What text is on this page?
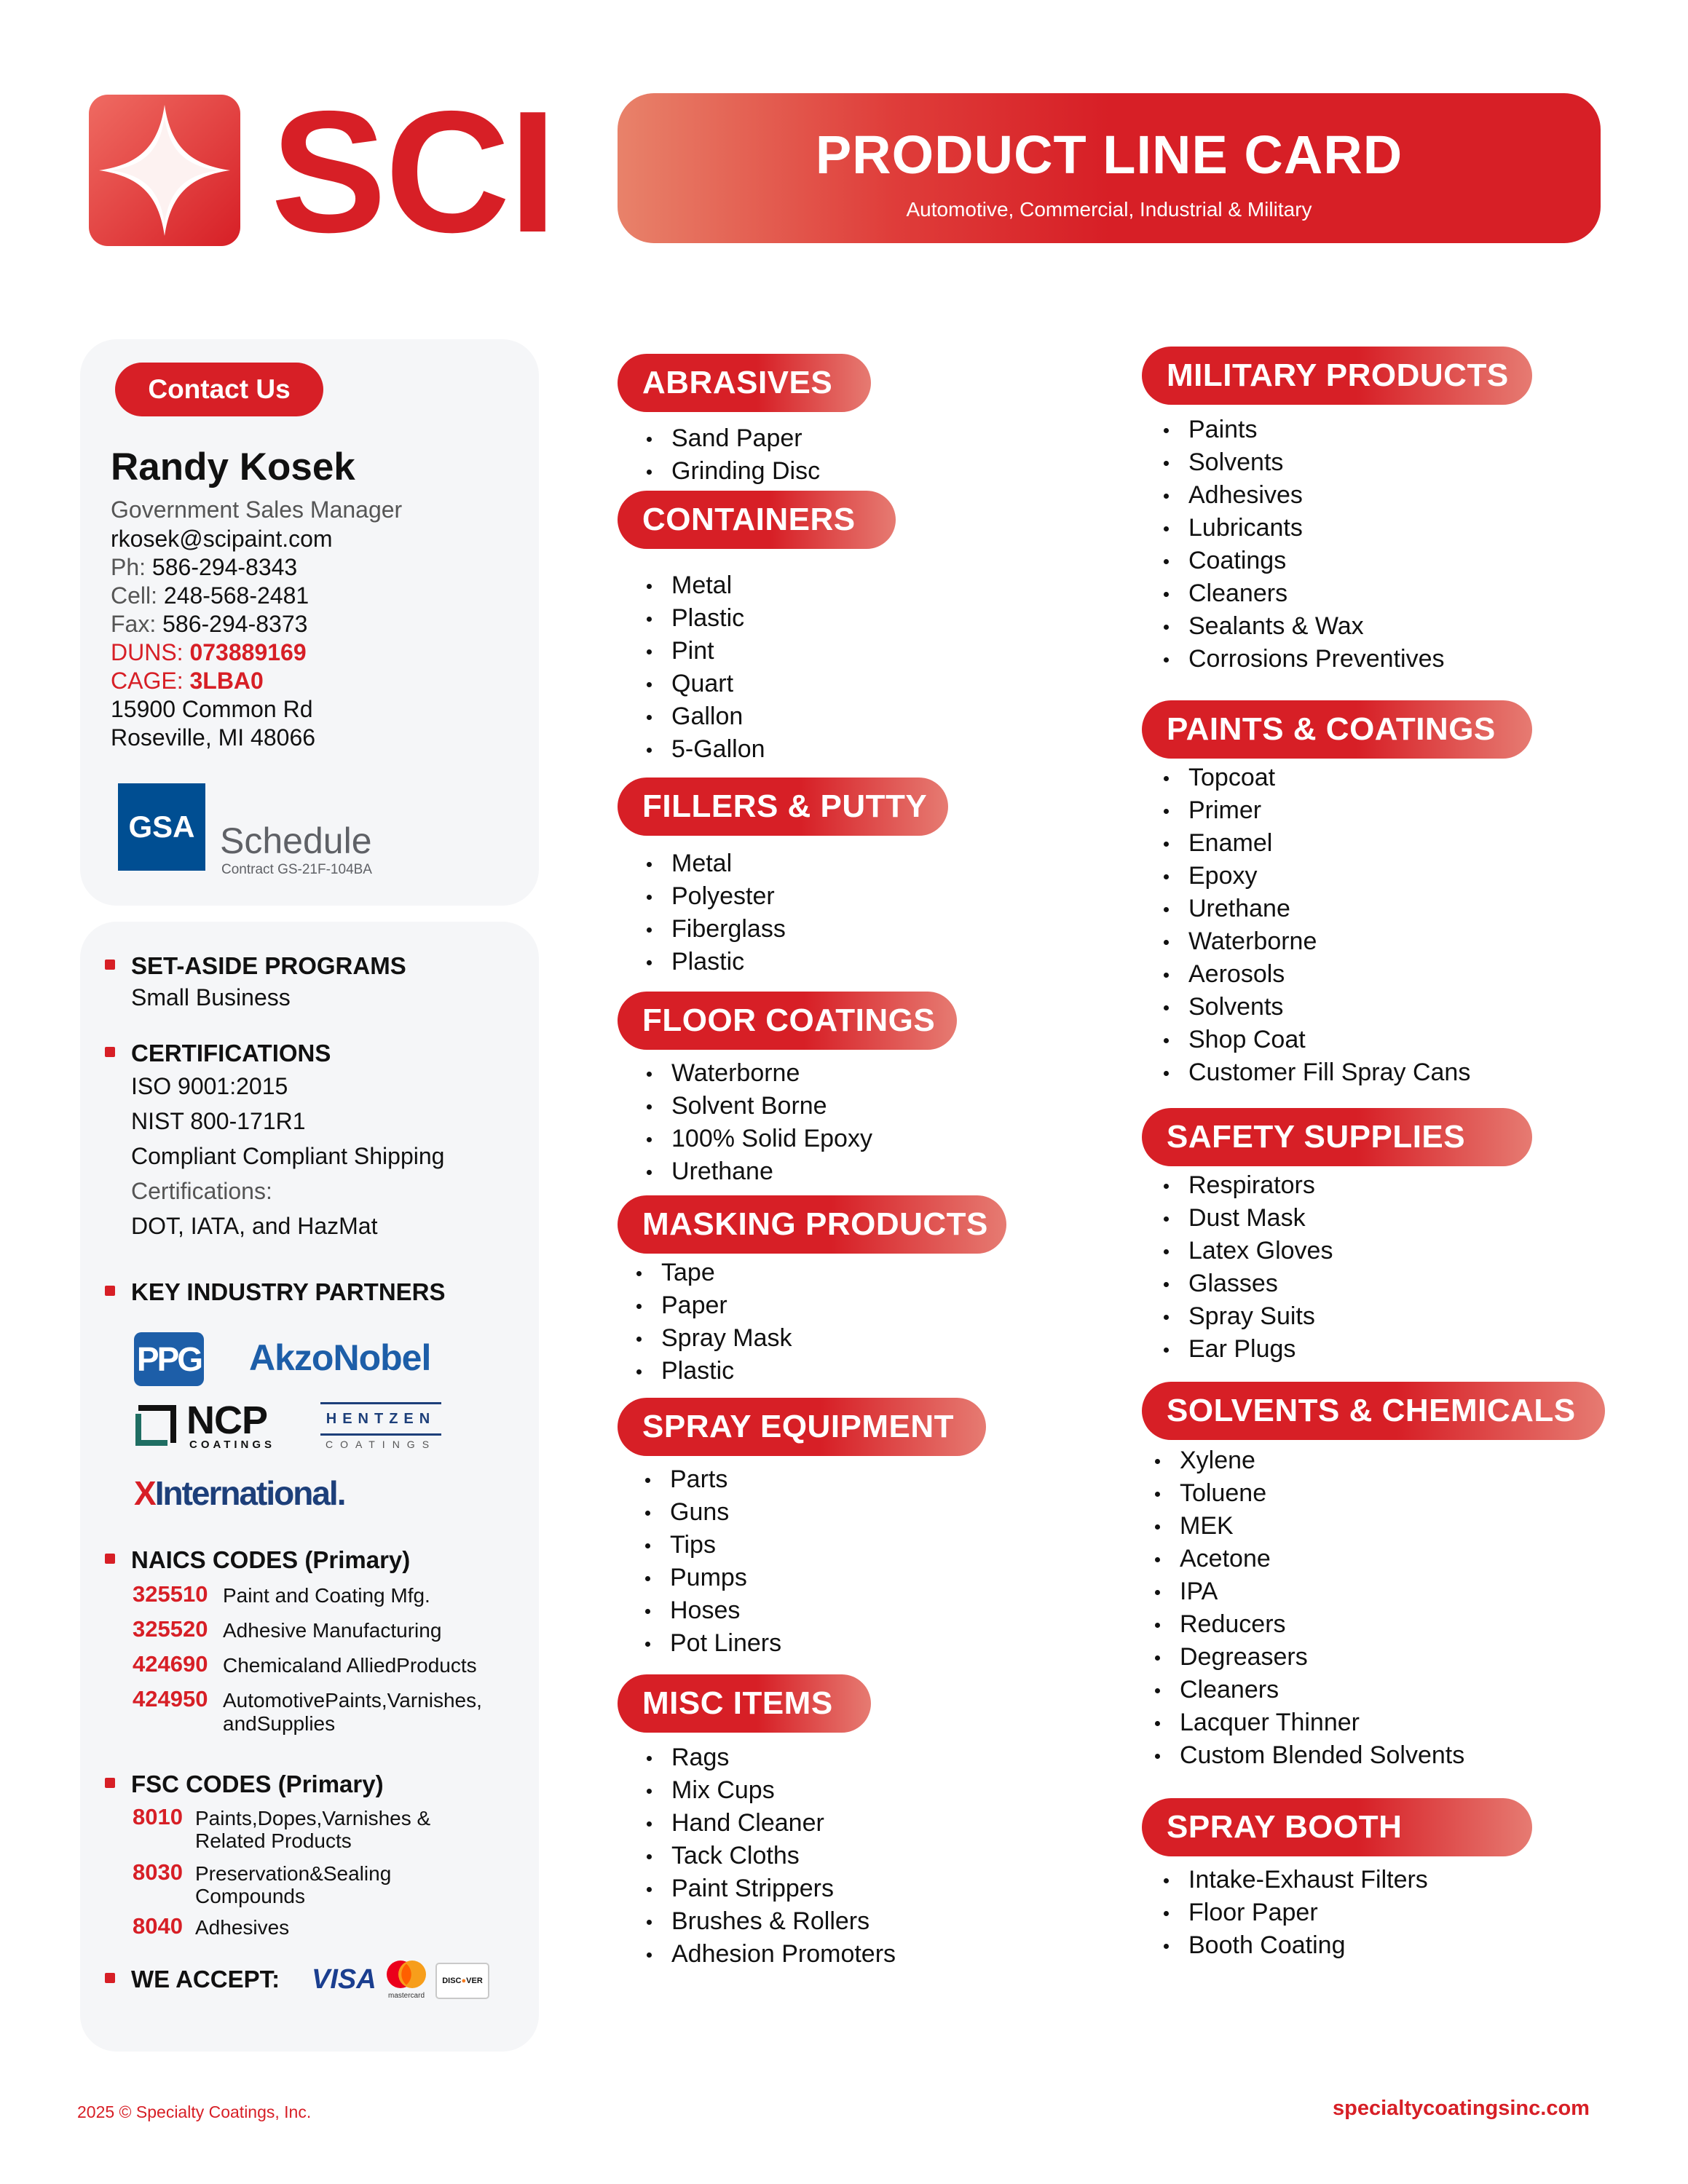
SCI	PRODUCT LINE CARD
Automotive, Commercial, Industrial & Military
Contact Us
Randy Kosek
Government Sales Manager
rkosek@scipaint.com
Ph: 586-294-8343
Cell: 248-568-2481
Fax: 586-294-8373
DUNS: 073889169
CAGE: 3LBA0
15900 Common Rd
Roseville, MI 48066
GSA Schedule
Contract GS-21F-104BA
SET-ASIDE PROGRAMS
Small Business
CERTIFICATIONS
ISO 9001:2015
NIST 800-171R1
Compliant Compliant Shipping
Certifications:
DOT, IATA, and HazMat
KEY INDUSTRY PARTNERS
PPG AkzoNobel
NCP
COATINGS
HENTZEN
COATINGS
XInternational.
NAICS CODES (Primary)
325510 Paint and Coating Mfg.
325520 Adhesive Manufacturing
424690 Chemicaland AlliedProducts
424950 AutomotivePaints,Varnishes,
andSupplies
FSC CODES (Primary)
8010 Paints,Dopes,Varnishes &
Related Products
8030 Preservation&Sealing
Compounds
8040 Adhesives
WE ACCEPT: VISA
mastercard
DISC ● VER
ABRASIVES
Sand Paper
Grinding Disc
CONTAINERS
Metal
Plastic
Pint
Quart
Gallon
5-Gallon
FILLERS & PUTTY
Metal
Polyester
Fiberglass
Plastic
FLOOR COATINGS
Waterborne
Solvent Borne
100% Solid Epoxy
Urethane
MASKING PRODUCTS
Tape
Paper
Spray Mask
Plastic
SPRAY EQUIPMENT
Parts
Guns
Tips
Pumps
Hoses
Pot Liners
MISC ITEMS
Rags
Mix Cups
Hand Cleaner
Tack Cloths
Paint Strippers
Brushes & Rollers
Adhesion Promoters
MILITARY PRODUCTS
Paints
Solvents
Adhesives
Lubricants
Coatings
Cleaners
Sealants & Wax
Corrosions Preventives
PAINTS & COATINGS
Topcoat
Primer
Enamel
Epoxy
Urethane
Waterborne
Aerosols
Solvents
Shop Coat
Customer Fill Spray Cans
SAFETY SUPPLIES
Respirators
Dust Mask
Latex Gloves
Glasses
Spray Suits
Ear Plugs
SOLVENTS & CHEMICALS
Xylene
Toluene
MEK
Acetone
IPA
Reducers
Degreasers
Cleaners
Lacquer Thinner
Custom Blended Solvents
SPRAY BOOTH
Intake-Exhaust Filters
Floor Paper
Booth Coating
2025 © Specialty Coatings, Inc.	specialtycoatingsinc.com
